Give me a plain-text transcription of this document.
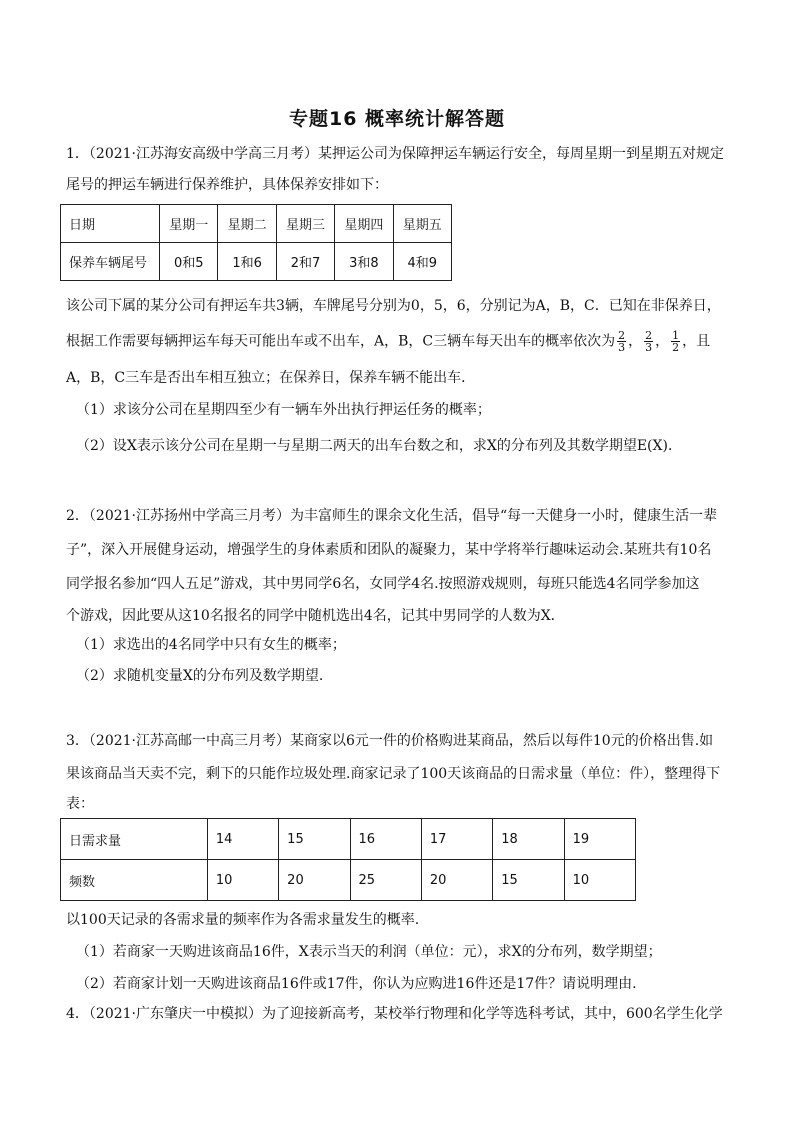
专题16 概率统计解答题
1．（2021·江苏海安高级中学高三月考）某押运公司为保障押运车辆运行安全，每周星期一到星期五对规定
尾号的押运车辆进行保养维护，具体保养安排如下：
日期	星期一	星期二	星期三	星期四	星期五
保养车辆尾号	0和5	1和6	2和7	3和8	4和9
该公司下属的某分公司有押运车共3辆，车牌尾号分别为0，5，6，分别记为A，B，C．已知在非保养日，
根据工作需要每辆押运车每天可能出车或不出车，A，B，C三辆车每天出车的概率依次为 $\frac{2}{3}$ ， $\frac{2}{3}$ ， $\frac{1}{2}$ ，且
A，B，C三车是否出车相互独立；在保养日，保养车辆不能出车．
（1）求该分公司在星期四至少有一辆车外出执行押运任务的概率；
（2）设X表示该分公司在星期一与星期二两天的出车台数之和，求X的分布列及其数学期望E(X)．
2．（2021·江苏扬州中学高三月考）为丰富师生的课余文化生活，倡导“每一天健身一小时，健康生活一辈
子”，深入开展健身运动，增强学生的身体素质和团队的凝聚力，某中学将举行趣味运动会.某班共有10名
同学报名参加“四人五足”游戏，其中男同学6名，女同学4名.按照游戏规则，每班只能选4名同学参加这
个游戏，因此要从这10名报名的同学中随机选出4名，记其中男同学的人数为X．
（1）求选出的4名同学中只有女生的概率；
（2）求随机变量X的分布列及数学期望.
3．（2021·江苏高邮一中高三月考）某商家以6元一件的价格购进某商品，然后以每件10元的价格出售.如
果该商品当天卖不完，剩下的只能作垃圾处理.商家记录了100天该商品的日需求量（单位：件），整理得下
表：
日需求量	14	15	16	17	18	19
频数	10	20	25	20	15	10
以100天记录的各需求量的频率作为各需求量发生的概率.
（1）若商家一天购进该商品16件，X表示当天的利润（单位：元），求X的分布列，数学期望；
（2）若商家计划一天购进该商品16件或17件，你认为应购进16件还是17件？请说明理由.
4．（2021·广东肇庆一中模拟）为了迎接新高考，某校举行物理和化学等选科考试，其中，600名学生化学
